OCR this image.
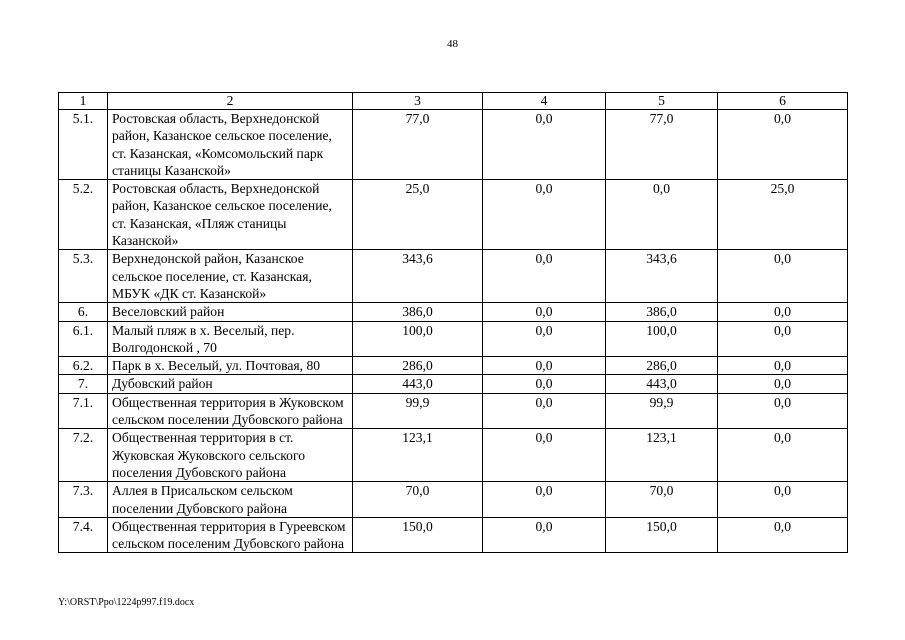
48
1	2	3	4	5	6
5.1.	Ростовская область, Верхнедонской район, Казанское сельское поселение, ст. Казанская, «Комсомольский парк станицы Казанской»	77,0	0,0	77,0	0,0
5.2.	Ростовская область, Верхнедонской район, Казанское сельское поселение, ст. Казанская, «Пляж станицы Казанской»	25,0	0,0	0,0	25,0
5.3.	Верхнедонской район, Казанское сельское поселение, ст. Казанская, МБУК «ДК ст. Казанской»	343,6	0,0	343,6	0,0
6.	Веселовский район	386,0	0,0	386,0	0,0
6.1.	Малый пляж в х. Веселый, пер. Волгодонской , 70	100,0	0,0	100,0	0,0
6.2.	Парк в х. Веселый, ул. Почтовая, 80	286,0	0,0	286,0	0,0
7.	Дубовский район	443,0	0,0	443,0	0,0
7.1.	Общественная территория в Жуковском сельском поселении Дубовского района	99,9	0,0	99,9	0,0
7.2.	Общественная территория в ст. Жуковская Жуковского сельского поселения Дубовского района	123,1	0,0	123,1	0,0
7.3.	Аллея в Присальском сельском поселении Дубовского района	70,0	0,0	70,0	0,0
7.4.	Общественная территория в Гуреевском сельском поселеним Дубовского района	150,0	0,0	150,0	0,0
Y:\ORST\Ppo\1224p997.f19.docx
